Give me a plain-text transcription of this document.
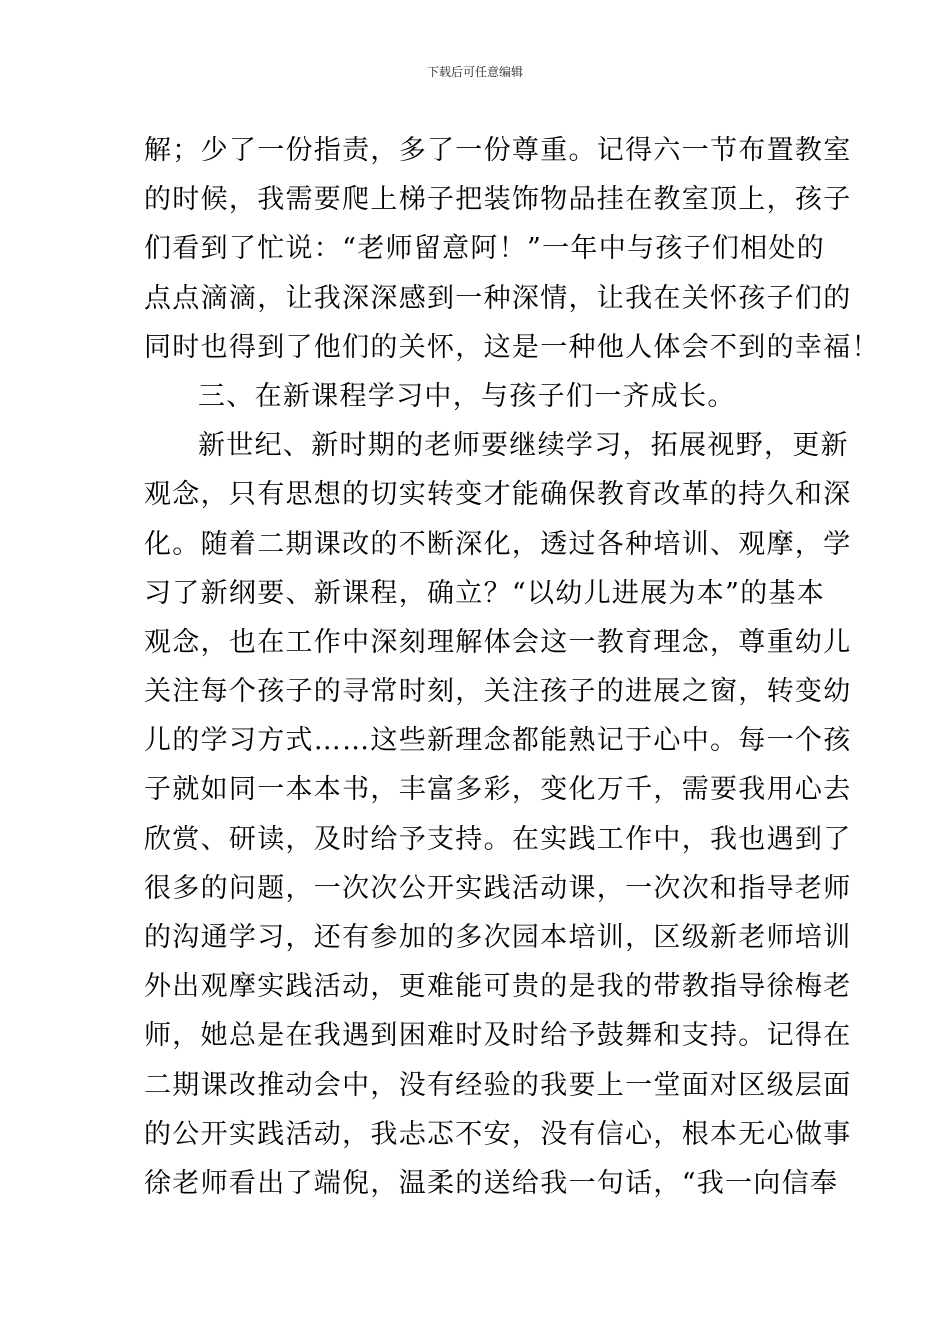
下载后可任意编辑
解；少了一份指责，多了一份尊重。记得六一节布置教室
的时候，我需要爬上梯子把装饰物品挂在教室顶上，孩子
们看到了忙说：“老师留意阿！”一年中与孩子们相处的
点点滴滴，让我深深感到一种深情，让我在关怀孩子们的
同时也得到了他们的关怀，这是一种他人体会不到的幸福！
三、在新课程学习中，与孩子们一齐成长。
新世纪、新时期的老师要继续学习，拓展视野，更新
观念，只有思想的切实转变才能确保教育改革的持久和深
化。随着二期课改的不断深化，透过各种培训、观摩，学
习了新纲要、新课程，确立？“以幼儿进展为本”的基本
观念，也在工作中深刻理解体会这一教育理念，尊重幼儿
关注每个孩子的寻常时刻，关注孩子的进展之窗，转变幼
儿的学习方式……这些新理念都能熟记于心中。每一个孩
子就如同一本本书，丰富多彩，变化万千，需要我用心去
欣赏、研读，及时给予支持。在实践工作中，我也遇到了
很多的问题，一次次公开实践活动课，一次次和指导老师
的沟通学习，还有参加的多次园本培训，区级新老师培训
外出观摩实践活动，更难能可贵的是我的带教指导徐梅老
师，她总是在我遇到困难时及时给予鼓舞和支持。记得在
二期课改推动会中，没有经验的我要上一堂面对区级层面
的公开实践活动，我忐忑不安，没有信心，根本无心做事
徐老师看出了端倪，温柔的送给我一句话，“我一向信奉
